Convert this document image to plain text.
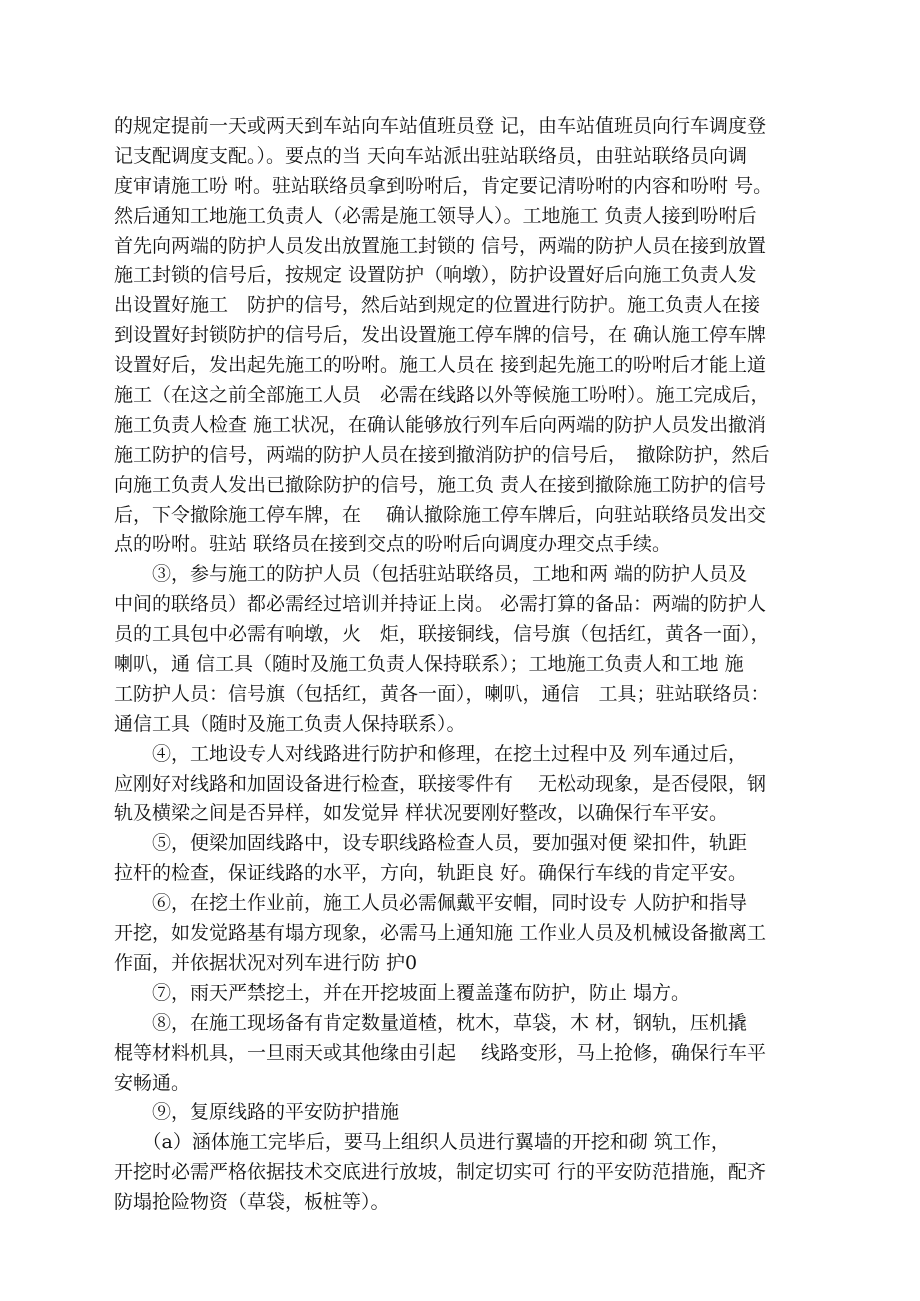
的规定提前一天或两天到车站向车站值班员登 记，由车站值班员向行车调度登
记支配调度支配。）。要点的当 天向车站派出驻站联络员，由驻站联络员向调
度审请施工吩 咐。驻站联络员拿到吩咐后，肯定要记清吩咐的内容和吩咐 号。
然后通知工地施工负责人（必需是施工领导人）。工地施工 负责人接到吩咐后
首先向两端的防护人员发出放置施工封锁的 信号，两端的防护人员在接到放置
施工封锁的信号后，按规定 设置防护（响墩），防护设置好后向施工负责人发
出设置好施工　防护的信号，然后站到规定的位置进行防护。施工负责人在接
到设置好封锁防护的信号后，发出设置施工停车牌的信号，在 确认施工停车牌
设置好后，发出起先施工的吩咐。施工人员在 接到起先施工的吩咐后才能上道
施工（在这之前全部施工人员　必需在线路以外等候施工吩咐）。施工完成后，
施工负责人检查 施工状况，在确认能够放行列车后向两端的防护人员发出撤消
施工防护的信号，两端的防护人员在接到撤消防护的信号后，　撤除防护，然后
向施工负责人发出已撤除防护的信号，施工负 责人在接到撤除施工防护的信号
后，下令撤除施工停车牌，在　 确认撤除施工停车牌后，向驻站联络员发出交
点的吩咐。驻站 联络员在接到交点的吩咐后向调度办理交点手续。
　　③，参与施工的防护人员（包括驻站联络员，工地和两 端的防护人员及
中间的联络员）都必需经过培训并持证上岗。 必需打算的备品：两端的防护人
员的工具包中必需有响墩，火　炬，联接铜线，信号旗（包括红，黄各一面），
喇叭，通 信工具（随时及施工负责人保持联系）；工地施工负责人和工地 施
工防护人员：信号旗（包括红，黄各一面），喇叭，通信　工具；驻站联络员：
通信工具（随时及施工负责人保持联系）。
　　④，工地设专人对线路进行防护和修理，在挖土过程中及 列车通过后，
应刚好对线路和加固设备进行检查，联接零件有　 无松动现象，是否侵限，钢
轨及横梁之间是否异样，如发觉异 样状况要刚好整改，以确保行车平安。
　　⑤，便梁加固线路中，设专职线路检查人员，要加强对便 梁扣件，轨距
拉杆的检查，保证线路的水平，方向，轨距良 好。确保行车线的肯定平安。
　　⑥，在挖土作业前，施工人员必需佩戴平安帽，同时设专 人防护和指导
开挖，如发觉路基有塌方现象，必需马上通知施 工作业人员及机械设备撤离工
作面，并依据状况对列车进行防 护0
　　⑦，雨天严禁挖土，并在开挖坡面上覆盖蓬布防护，防止 塌方。
　　⑧，在施工现场备有肯定数量道楂，枕木，草袋，木 材，钢轨，压机撬
棍等材料机具，一旦雨天或其他缘由引起　 线路变形，马上抢修，确保行车平
安畅通。
　　⑨，复原线路的平安防护措施
　　（a）涵体施工完毕后，要马上组织人员进行翼墙的开挖和砌 筑工作，
开挖时必需严格依据技术交底进行放坡，制定切实可 行的平安防范措施，配齐
防塌抢险物资（草袋，板桩等）。
